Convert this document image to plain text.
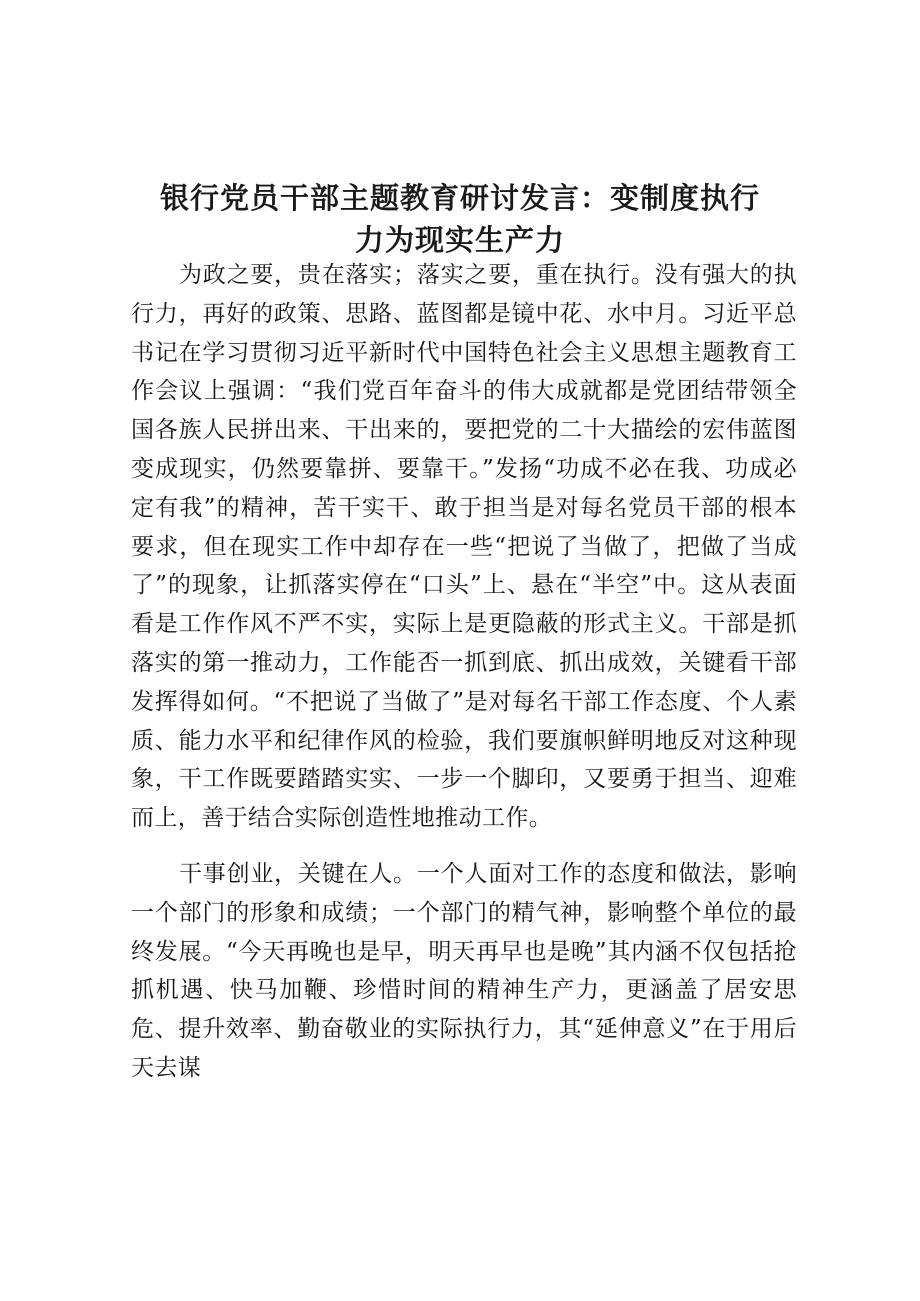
银行党员干部主题教育研讨发言：变制度执行
力为现实生产力

为政之要，贵在落实；落实之要，重在执行。没有强大的执行力，再好的政策、思路、蓝图都是镜中花、水中月。习近平总书记在学习贯彻习近平新时代中国特色社会主义思想主题教育工作会议上强调：“我们党百年奋斗的伟大成就都是党团结带领全国各族人民拼出来、干出来的，要把党的二十大描绘的宏伟蓝图变成现实，仍然要靠拼、要靠干。”发扬“功成不必在我、功成必定有我”的精神，苦干实干、敢于担当是对每名党员干部的根本要求，但在现实工作中却存在一些“把说了当做了，把做了当成了”的现象，让抓落实停在“口头”上、悬在“半空”中。这从表面看是工作作风不严不实，实际上是更隐蔽的形式主义。干部是抓落实的第一推动力，工作能否一抓到底、抓出成效，关键看干部发挥得如何。“不把说了当做了”是对每名干部工作态度、个人素质、能力水平和纪律作风的检验，我们要旗帜鲜明地反对这种现象，干工作既要踏踏实实、一步一个脚印，又要勇于担当、迎难而上，善于结合实际创造性地推动工作。

干事创业，关键在人。一个人面对工作的态度和做法，影响一个部门的形象和成绩；一个部门的精气神，影响整个单位的最终发展。“今天再晚也是早，明天再早也是晚”其内涵不仅包括抢抓机遇、快马加鞭、珍惜时间的精神生产力，更涵盖了居安思危、提升效率、勤奋敬业的实际执行力，其“延伸意义”在于用后天去谋
